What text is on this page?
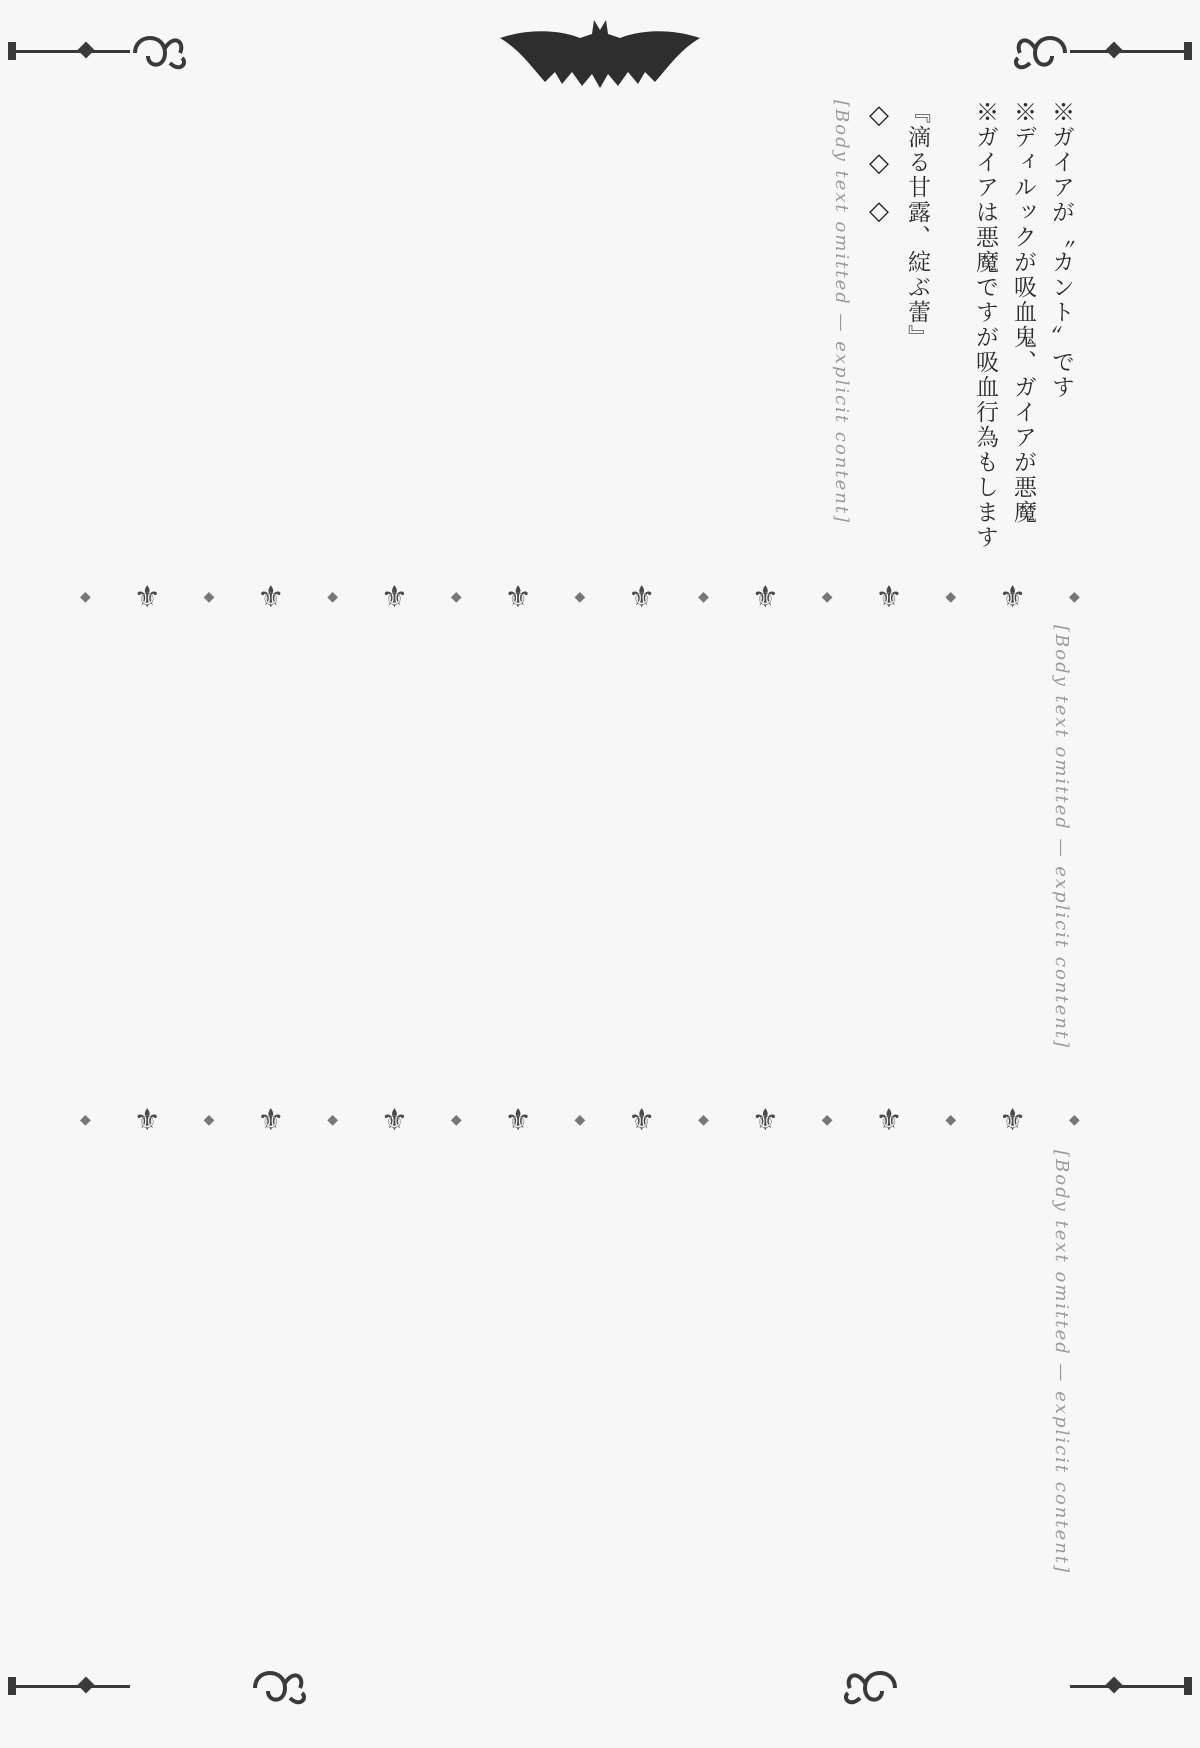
※ガイアが〝カント〟です

※ディルックが吸血鬼、ガイアが悪魔

※ガイアは悪魔ですが吸血行為もします

『滴る甘露、綻ぶ蕾』

◇◇◇

[Body text omitted — explicit content]

◆ ⚜	◆ ⚜	◆ ⚜	◆ ⚜	◆ ⚜	◆ ⚜	◆ ⚜	◆ ⚜	◆

[Body text omitted — explicit content]

◆ ⚜	◆ ⚜	◆ ⚜	◆ ⚜	◆ ⚜	◆ ⚜	◆ ⚜	◆ ⚜	◆

[Body text omitted — explicit content]
